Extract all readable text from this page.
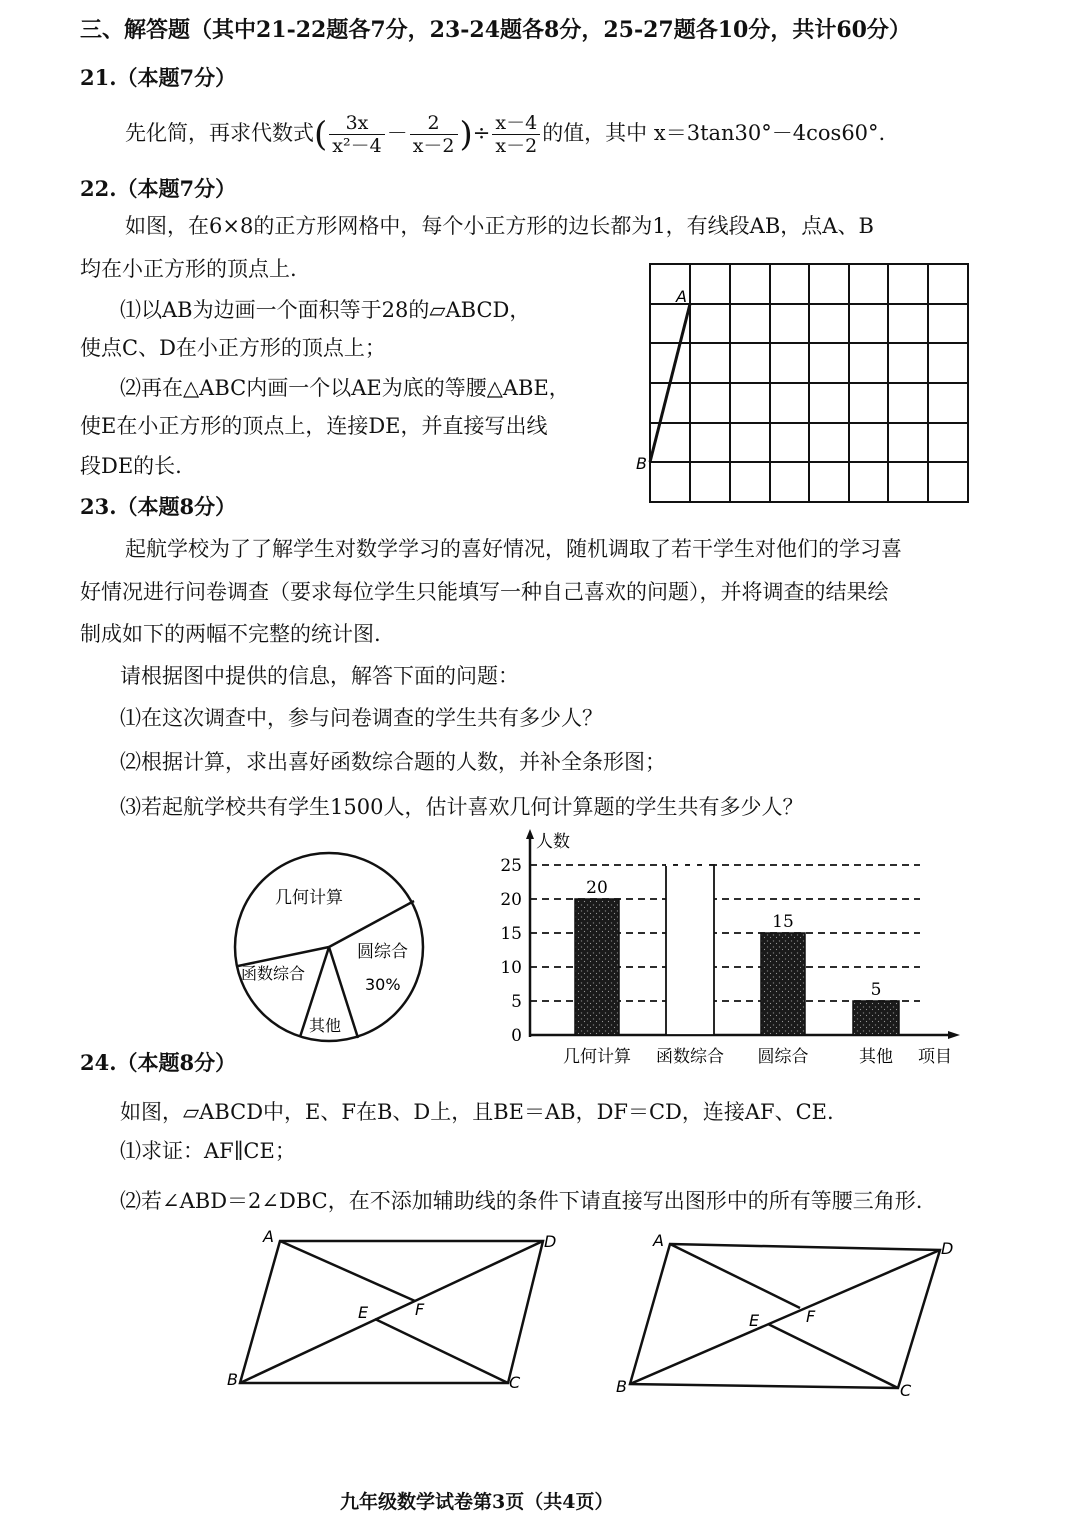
三、解答题（其中21-22题各7分，23-24题各8分，25-27题各10分，共计60分）
21.（本题7分）
先化简，再求代数式( $\frac{3x}{\text{x²－4}} - \frac{2}{x-2}$ )÷ $\frac{x-4}{x-2}$ 的值，其中 x＝3tan30°－4cos60°.
22.（本题7分）
如图，在6×8的正方形网格中，每个小正方形的边长都为1，有线段AB，点A、B
均在小正方形的顶点上.
⑴以AB为边画一个面积等于28的▱ABCD，
使点C、D在小正方形的顶点上；
⑵再在△ABC内画一个以AE为底的等腰△ABE，
使E在小正方形的顶点上，连接DE，并直接写出线
段DE的长.
A
B
23.（本题8分）
起航学校为了了解学生对数学学习的喜好情况，随机调取了若干学生对他们的学习喜
好情况进行问卷调查（要求每位学生只能填写一种自己喜欢的问题），并将调查的结果绘
制成如下的两幅不完整的统计图.
请根据图中提供的信息，解答下面的问题：
⑴在这次调查中，参与问卷调查的学生共有多少人？
⑵根据计算，求出喜好函数综合题的人数，并补全条形图；
⑶若起航学校共有学生1500人，估计喜欢几何计算题的学生共有多少人？
几何计算
圆综合
30%
函数综合
其他
0
5
10
15
20
25
人数
项目
20
几何计算 函数综合
15
圆综合
5
其他
24.（本题8分）
如图，▱ABCD中，E、F在B、D上，且BE＝AB，DF＝CD，连接AF、CE.
⑴求证：AF∥CE；
⑵若∠ABD＝2∠DBC，在不添加辅助线的条件下请直接写出图形中的所有等腰三角形.
A	D
B	C
E	F
A	D
B	C
E	F
九年级数学试卷第3页（共4页）
